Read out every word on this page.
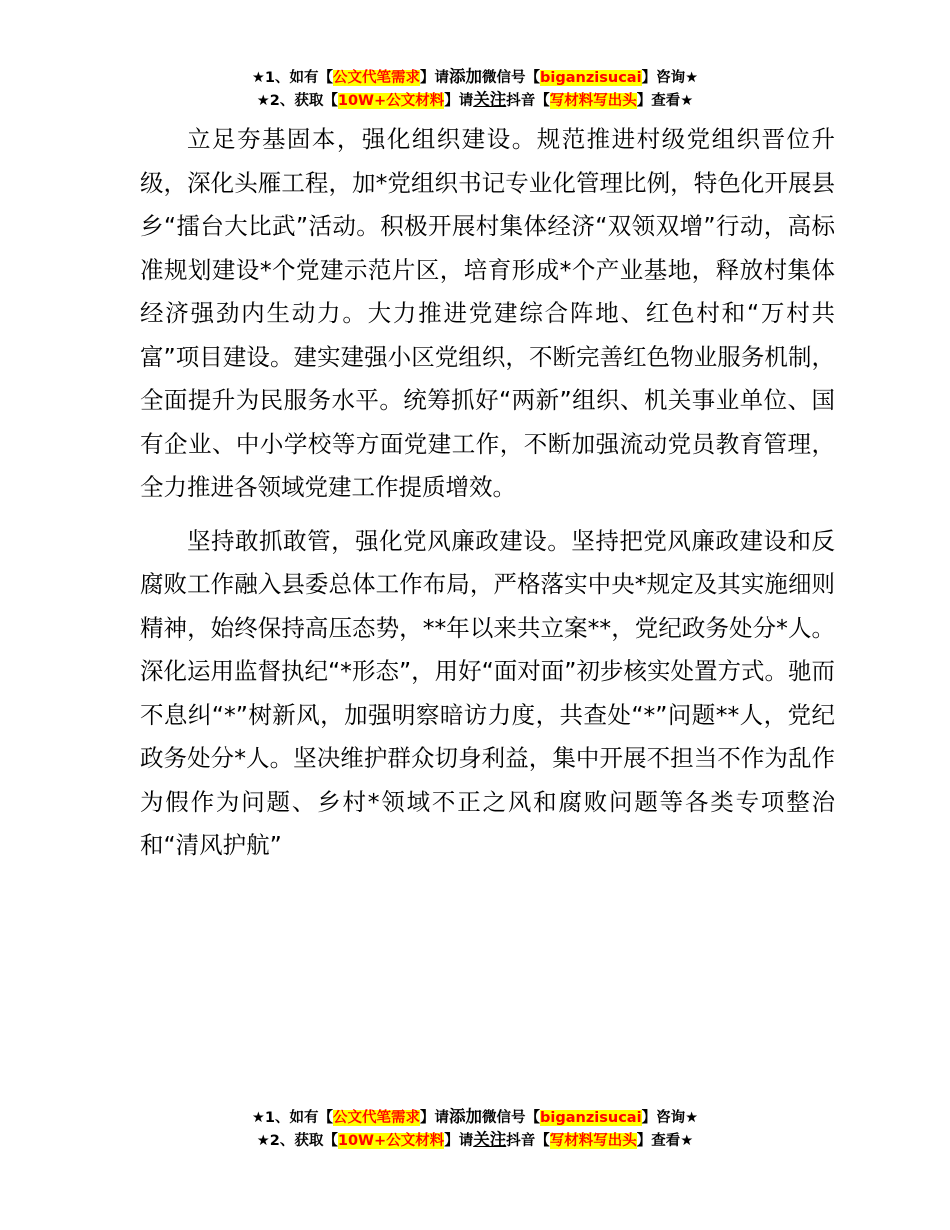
★1、如有【公文代笔需求】请添加微信号【biganzisucai】咨询★
★2、获取【10W+公文材料】请关注抖音【写材料写出头】查看★

立足夯基固本，强化组织建设。规范推进村级党组织晋位升级，深化头雁工程，加*党组织书记专业化管理比例，特色化开展县乡“擂台大比武”活动。积极开展村集体经济“双领双增”行动，高标准规划建设*个党建示范片区，培育形成*个产业基地，释放村集体经济强劲内生动力。大力推进党建综合阵地、红色村和“万村共富”项目建设。建实建强小区党组织，不断完善红色物业服务机制，全面提升为民服务水平。统筹抓好“两新”组织、机关事业单位、国有企业、中小学校等方面党建工作，不断加强流动党员教育管理，全力推进各领域党建工作提质增效。

坚持敢抓敢管，强化党风廉政建设。坚持把党风廉政建设和反腐败工作融入县委总体工作布局，严格落实中央*规定及其实施细则精神，始终保持高压态势，**年以来共立案**，党纪政务处分*人。深化运用监督执纪“*形态”，用好“面对面”初步核实处置方式。驰而不息纠“*”树新风，加强明察暗访力度，共查处“*”问题**人，党纪政务处分*人。坚决维护群众切身利益，集中开展不担当不作为乱作为假作为问题、乡村*领域不正之风和腐败问题等各类专项整治和“清风护航”

★1、如有【公文代笔需求】请添加微信号【biganzisucai】咨询★
★2、获取【10W+公文材料】请关注抖音【写材料写出头】查看★
